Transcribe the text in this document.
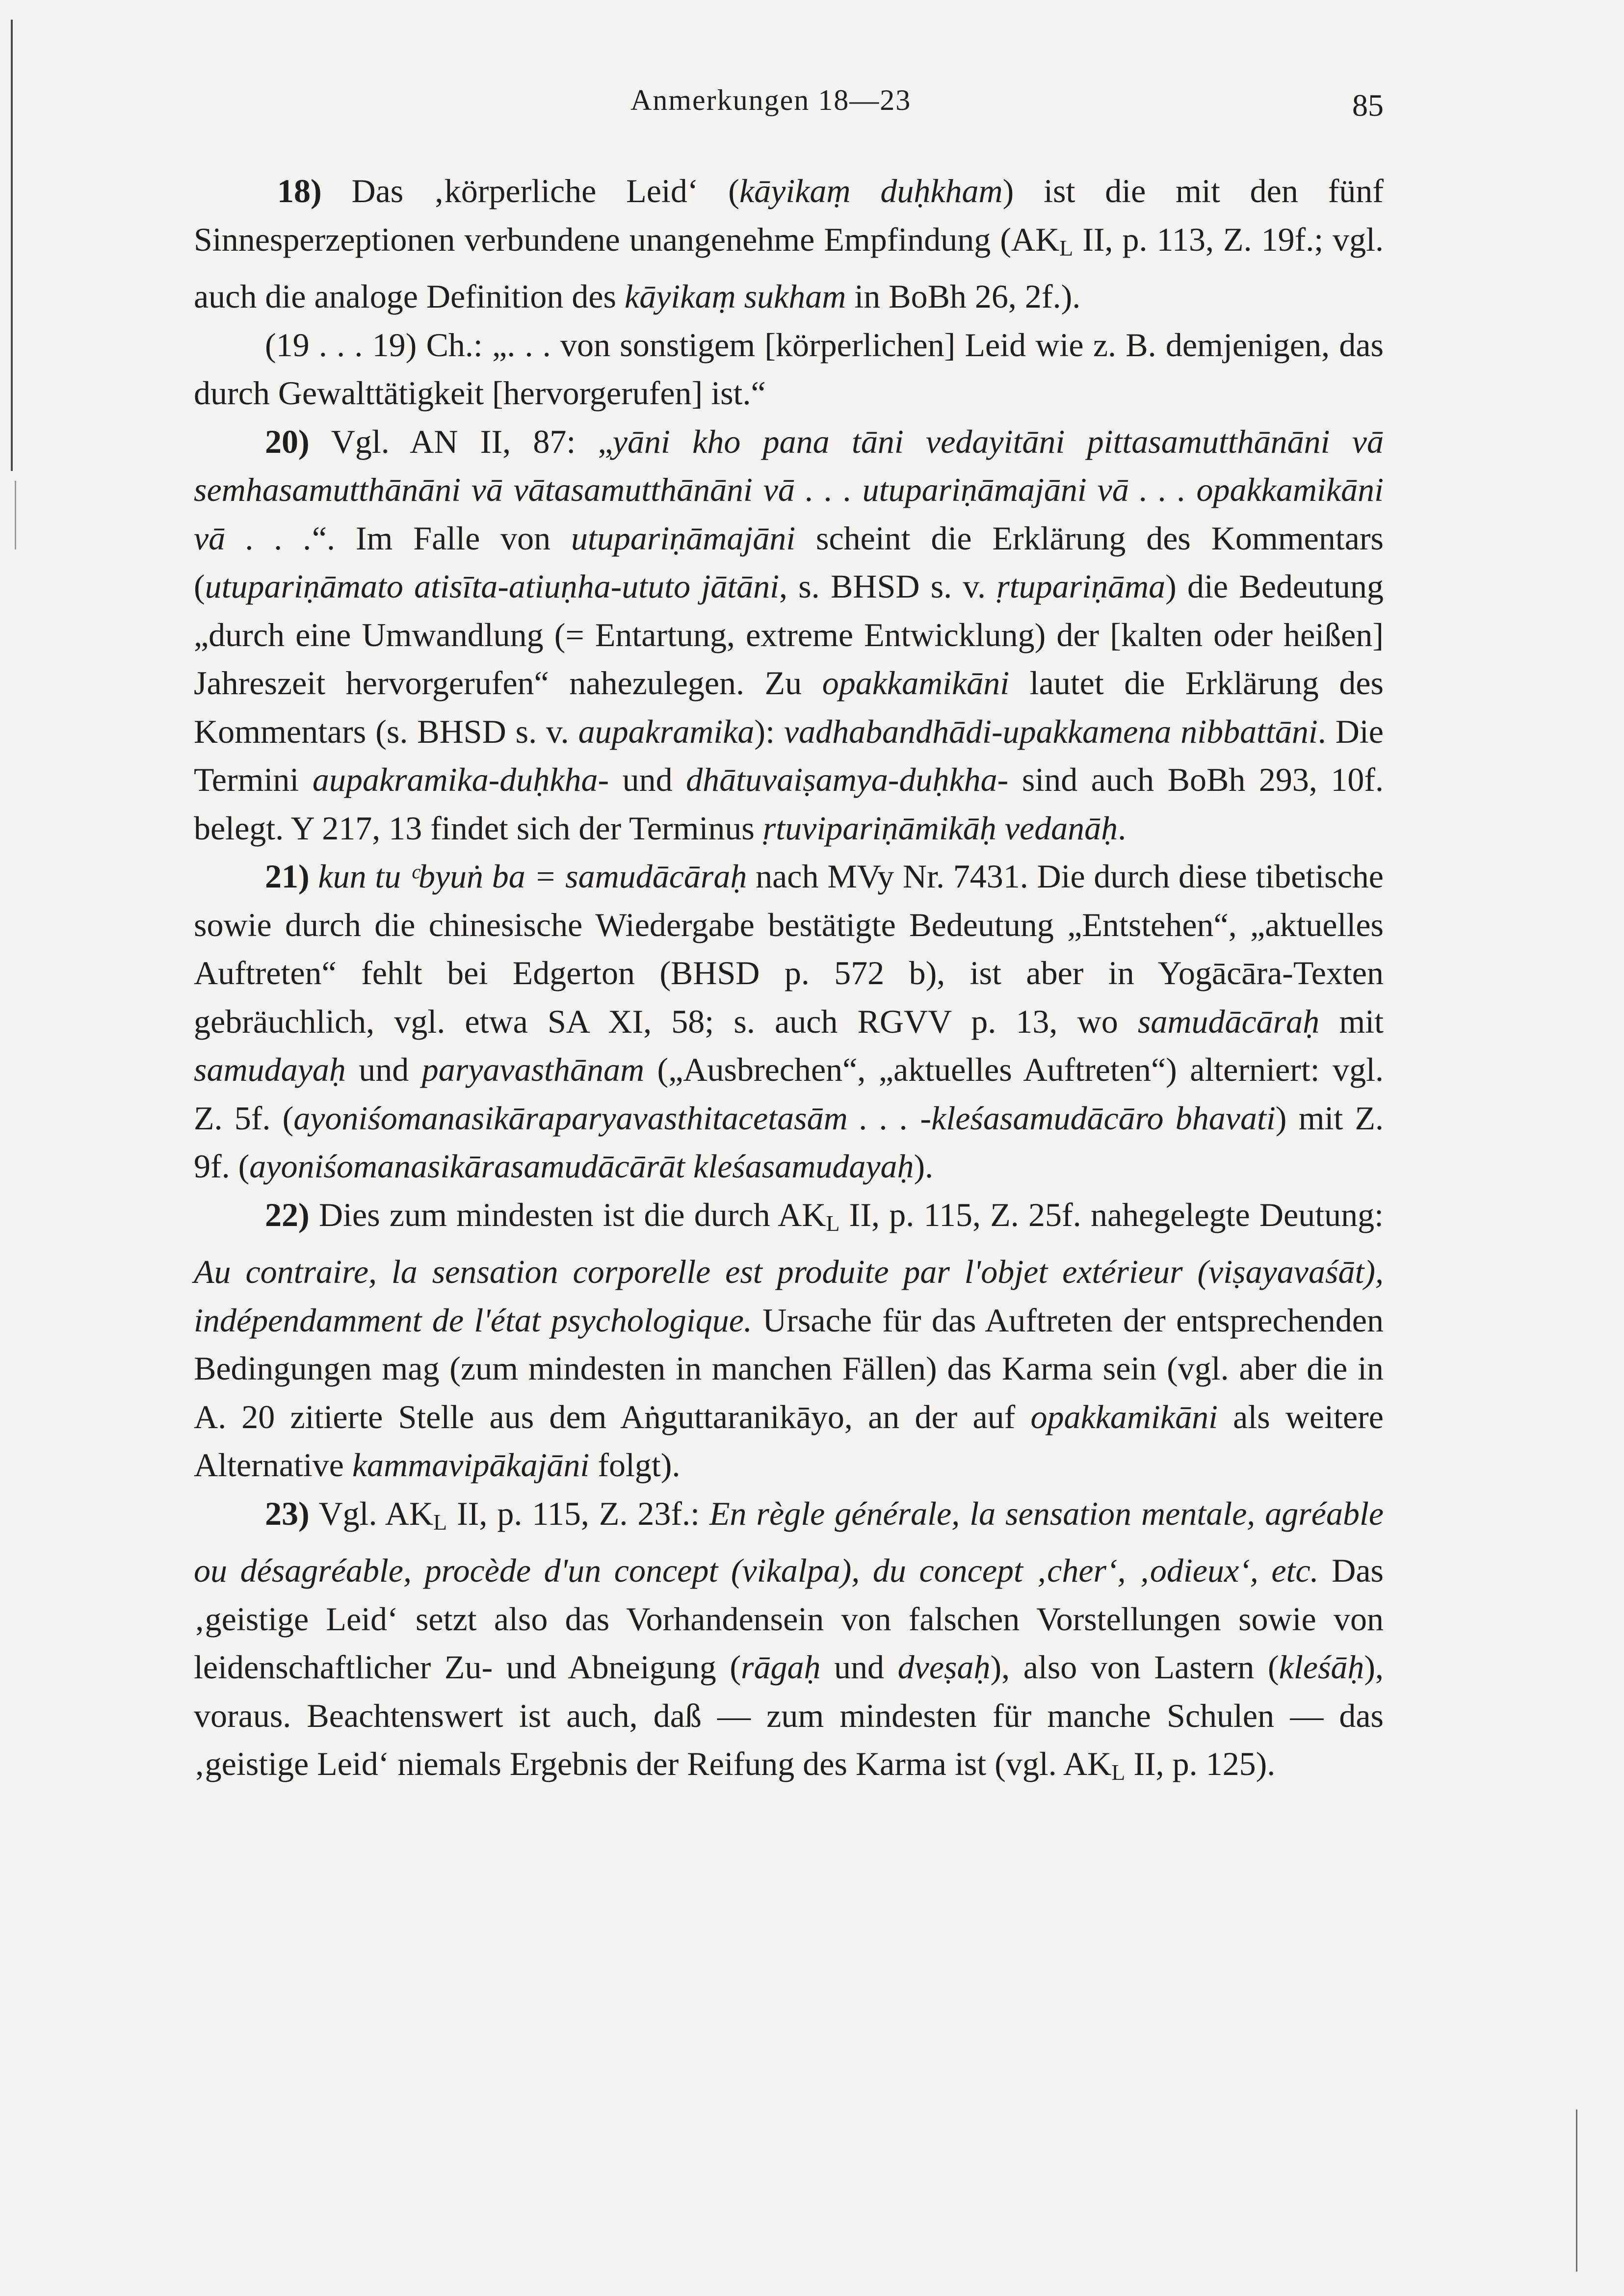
Anmerkungen 18—23	85

18) Das ‚körperliche Leid‘ (kāyikaṃ duḥkham) ist die mit den fünf Sinnesperzeptionen verbundene unangenehme Empfindung ($AK_L$ II, p. 113, Z. 19f.; vgl. auch die analoge Definition des kāyikaṃ sukham in BoBh 26, 2f.).

(19 . . . 19) Ch.: „. . . von sonstigem [körperlichen] Leid wie z. B. demjenigen, das durch Gewalttätigkeit [hervorgerufen] ist.“

20) Vgl. AN II, 87: „yāni kho pana tāni vedayitāni pittasamutthānāni vā semhasamutthānāni vā vātasamutthānāni vā . . . utupariṇāmajāni vā . . . opakkamikāni vā . . .“. Im Falle von utupariṇāmajāni scheint die Erklärung des Kommentars (utupariṇāmato atisīta-atiuṇha-ututo jātāni, s. BHSD s. v. ṛtupariṇāma) die Bedeutung „durch eine Umwandlung (= Entartung, extreme Entwicklung) der [kalten oder heißen] Jahreszeit hervorgerufen“ nahezulegen. Zu opakkamikāni lautet die Erklärung des Kommentars (s. BHSD s. v. aupakramika): vadhabandhādi-upakkamena nibbattāni. Die Termini aupakramika-duḥkha- und dhātuvaiṣamya-duḥkha- sind auch BoBh 293, 10f. belegt. Y 217, 13 findet sich der Terminus ṛtuvipariṇāmikāḥ vedanāḥ.

21) kun tu ᶜbyuṅ ba = samudācāraḥ nach MVy Nr. 7431. Die durch diese tibetische sowie durch die chinesische Wiedergabe bestätigte Bedeutung „Entstehen“, „aktuelles Auftreten“ fehlt bei Edgerton (BHSD p. 572 b), ist aber in Yogācāra-Texten gebräuchlich, vgl. etwa SA XI, 58; s. auch RGVV p. 13, wo samudācāraḥ mit samudayaḥ und paryavasthānam („Ausbrechen“, „aktuelles Auftreten“) alterniert: vgl. Z. 5f. (ayoniśomanasikāraparyavasthitacetasām . . . -kleśasamudācāro bhavati) mit Z. 9f. (ayoniśomanasikārasamudācārāt kleśasamudayaḥ).

22) Dies zum mindesten ist die durch $AK_L$ II, p. 115, Z. 25f. nahegelegte Deutung: Au contraire, la sensation corporelle est produite par l'objet extérieur (viṣayavaśāt), indépendamment de l'état psychologique. Ursache für das Auftreten der entsprechenden Bedingungen mag (zum mindesten in manchen Fällen) das Karma sein (vgl. aber die in A. 20 zitierte Stelle aus dem Aṅguttaranikāyo, an der auf opakkamikāni als weitere Alternative kammavipākajāni folgt).

23) Vgl. $AK_L$ II, p. 115, Z. 23f.: En règle générale, la sensation mentale, agréable ou désagréable, procède d'un concept (vikalpa), du concept ‚cher‘, ‚odieux‘, etc. Das ‚geistige Leid‘ setzt also das Vorhandensein von falschen Vorstellungen sowie von leidenschaftlicher Zu- und Abneigung (rāgaḥ und dveṣaḥ), also von Lastern (kleśāḥ), voraus. Beachtenswert ist auch, daß — zum mindesten für manche Schulen — das ‚geistige Leid‘ niemals Ergebnis der Reifung des Karma ist (vgl. $AK_L$ II, p. 125).
